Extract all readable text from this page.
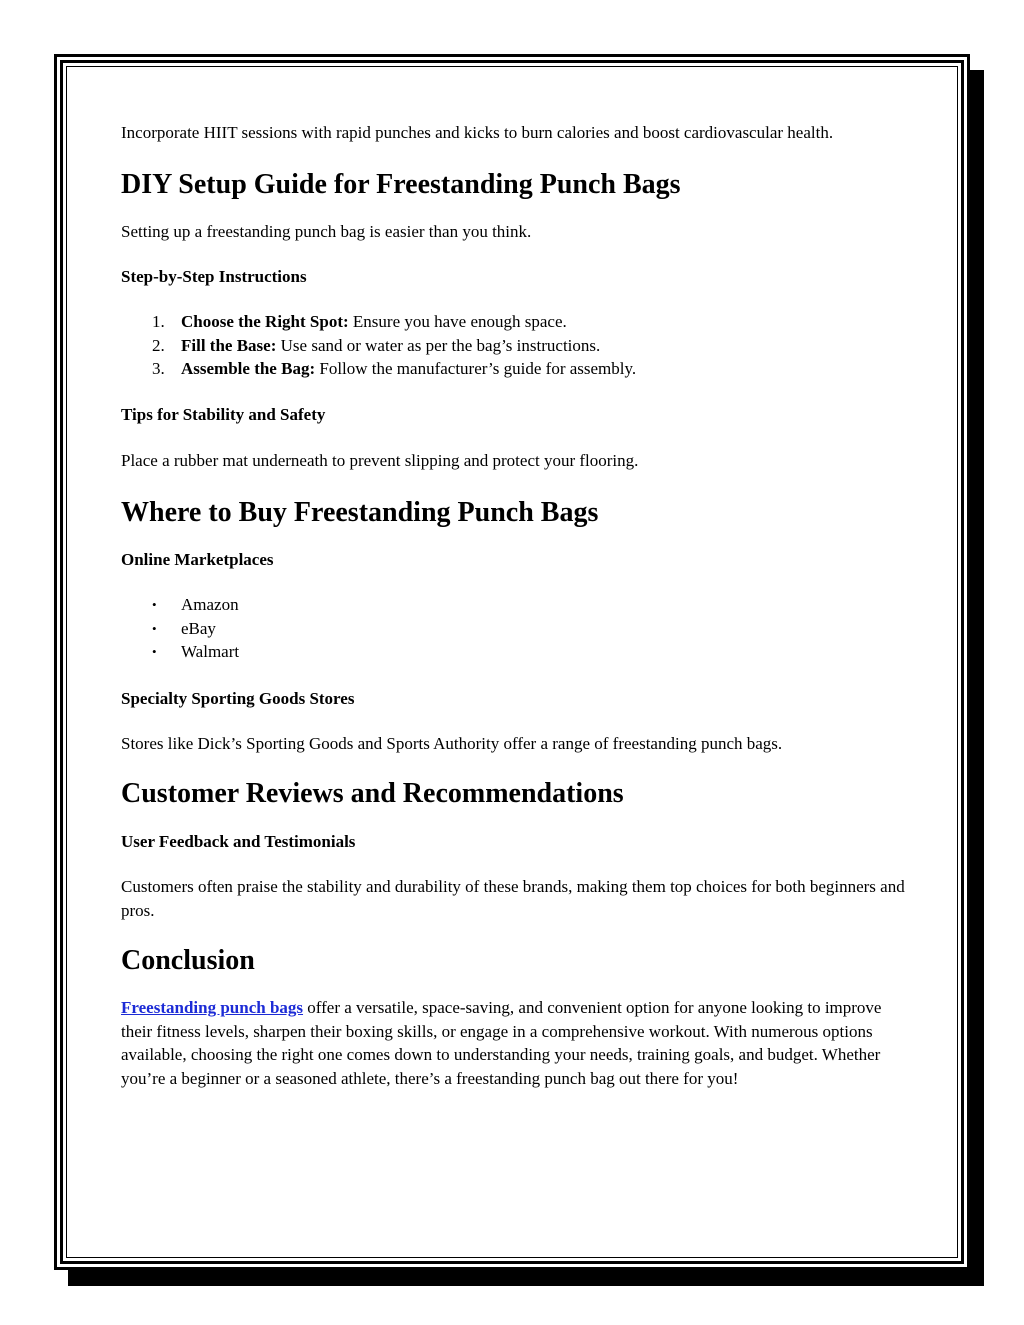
Incorporate HIIT sessions with rapid punches and kicks to burn calories and boost cardiovascular health.

DIY Setup Guide for Freestanding Punch Bags

Setting up a freestanding punch bag is easier than you think.

Step-by-Step Instructions
1. Choose the Right Spot: Ensure you have enough space.
2. Fill the Base: Use sand or water as per the bag’s instructions.
3. Assemble the Bag: Follow the manufacturer’s guide for assembly.
Tips for Stability and Safety

Place a rubber mat underneath to prevent slipping and protect your flooring.

Where to Buy Freestanding Punch Bags
Online Marketplaces
• Amazon
• eBay
• Walmart
Specialty Sporting Goods Stores

Stores like Dick’s Sporting Goods and Sports Authority offer a range of freestanding punch bags.

Customer Reviews and Recommendations
User Feedback and Testimonials

Customers often praise the stability and durability of these brands, making them top choices for both beginners and pros.

Conclusion

Freestanding punch bags offer a versatile, space-saving, and convenient option for anyone looking to improve their fitness levels, sharpen their boxing skills, or engage in a comprehensive workout. With numerous options available, choosing the right one comes down to understanding your needs, training goals, and budget. Whether you’re a beginner or a seasoned athlete, there’s a freestanding punch bag out there for you!
